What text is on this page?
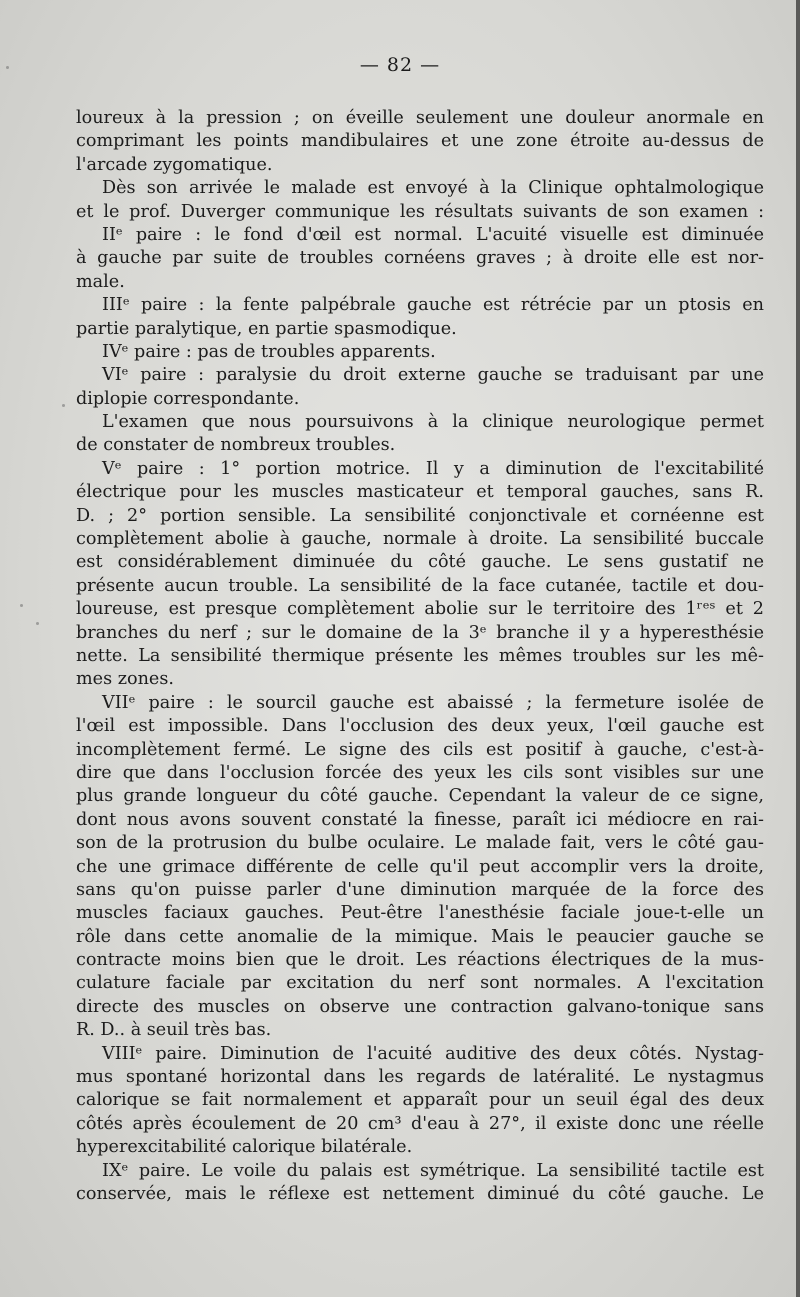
— 82 —
loureux à la pression ; on éveille seulement une douleur anormale en
comprimant les points mandibulaires et une zone étroite au-dessus de
l'arcade zygomatique.
Dès son arrivée le malade est envoyé à la Clinique ophtalmologique
et le prof. Duverger communique les résultats suivants de son examen :
IIᵉ paire : le fond d'œil est normal. L'acuité visuelle est diminuée
à gauche par suite de troubles cornéens graves ; à droite elle est nor-
male.
IIIᵉ paire : la fente palpébrale gauche est rétrécie par un ptosis en
partie paralytique, en partie spasmodique.
IVᵉ paire : pas de troubles apparents.
VIᵉ paire : paralysie du droit externe gauche se traduisant par une
diplopie correspondante.
L'examen que nous poursuivons à la clinique neurologique permet
de constater de nombreux troubles.
Vᵉ paire : 1° portion motrice. Il y a diminution de l'excitabilité
électrique pour les muscles masticateur et temporal gauches, sans R.
D. ; 2° portion sensible. La sensibilité conjonctivale et cornéenne est
complètement abolie à gauche, normale à droite. La sensibilité buccale
est considérablement diminuée du côté gauche. Le sens gustatif ne
présente aucun trouble. La sensibilité de la face cutanée, tactile et dou-
loureuse, est presque complètement abolie sur le territoire des 1ʳᵉˢ et 2
branches du nerf ; sur le domaine de la 3ᵉ branche il y a hyperesthésie
nette. La sensibilité thermique présente les mêmes troubles sur les mê-
mes zones.
VIIᵉ paire : le sourcil gauche est abaissé ; la fermeture isolée de
l'œil est impossible. Dans l'occlusion des deux yeux, l'œil gauche est
incomplètement fermé. Le signe des cils est positif à gauche, c'est-à-
dire que dans l'occlusion forcée des yeux les cils sont visibles sur une
plus grande longueur du côté gauche. Cependant la valeur de ce signe,
dont nous avons souvent constaté la finesse, paraît ici médiocre en rai-
son de la protrusion du bulbe oculaire. Le malade fait, vers le côté gau-
che une grimace différente de celle qu'il peut accomplir vers la droite,
sans qu'on puisse parler d'une diminution marquée de la force des
muscles faciaux gauches. Peut-être l'anesthésie faciale joue-t-elle un
rôle dans cette anomalie de la mimique. Mais le peaucier gauche se
contracte moins bien que le droit. Les réactions électriques de la mus-
culature faciale par excitation du nerf sont normales. A l'excitation
directe des muscles on observe une contraction galvano-tonique sans
R. D.. à seuil très bas.
VIIIᵉ paire. Diminution de l'acuité auditive des deux côtés. Nystag-
mus spontané horizontal dans les regards de latéralité. Le nystagmus
calorique se fait normalement et apparaît pour un seuil égal des deux
côtés après écoulement de 20 cm³ d'eau à 27°, il existe donc une réelle
hyperexcitabilité calorique bilatérale.
IXᵉ paire. Le voile du palais est symétrique. La sensibilité tactile est
conservée, mais le réflexe est nettement diminué du côté gauche. Le
